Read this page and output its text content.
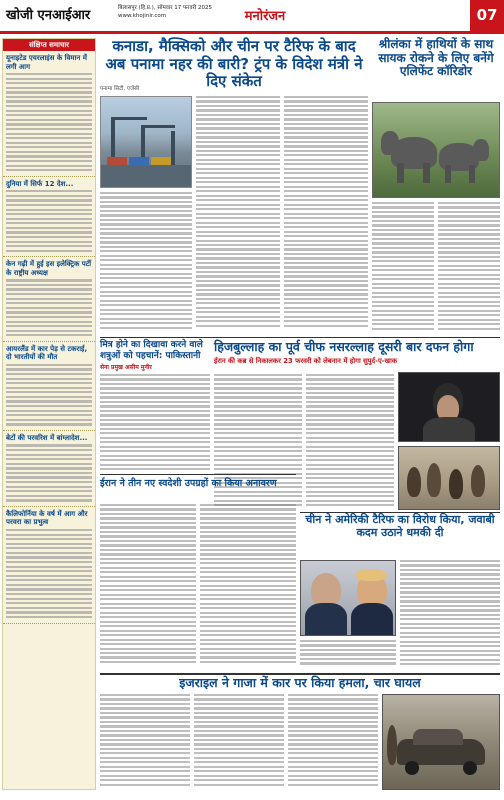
खोजी एनआईआर	बिलासपुर (हि.प्र.), सोमवार 17 फरवरी 2025
www.khojinir.com	मनोरंजन	07
संक्षिप्त समाचार
यूनाइटेड एयरलाइंस के विमान में लगी आग
दुनिया में सिर्फ 12 देश...
केन गढ़ी में हुई इस इलेक्ट्रिक पर्टी के राष्ट्रीय अध्यक्ष
आयरलैंड में कार पेड़ से टकराई, दो भारतीयों की मौत
बेटों की परवरिश में बांग्लादेश...
कैलिफोर्निया के वर्ष में आग और परवरा का प्रभुत्व
कनाडा, मैक्सिको और चीन पर टैरिफ के बाद अब पनामा नहर की बारी? ट्रंप के विदेश मंत्री ने दिए संकेत
पनामा सिटी, एजेंसी
श्रीलंका में हाथियों के साथ सायक रोकने के लिए बनेंगे एलिफेंट कॉरिडोर
मित्र होने का दिखावा करने वाले शत्रुओं को पहचानें: पाकिस्तानी
सेना प्रमुख असीम मुनीर
हिजबुल्लाह का पूर्व चीफ नसरल्लाह दूसरी बार दफन होगा
ईरान की कब्र से निकालकर 23 फरवरी को लेबनान में होगा सुपुर्द-ए-खाक
ईरान ने तीन नए स्वदेशी उपग्रहों का किया अनावरण
चीन ने अमेरिकी टैरिफ का विरोध किया, जवाबी कदम उठाने धमकी दी
इजराइल ने गाजा में कार पर किया हमला, चार घायल
